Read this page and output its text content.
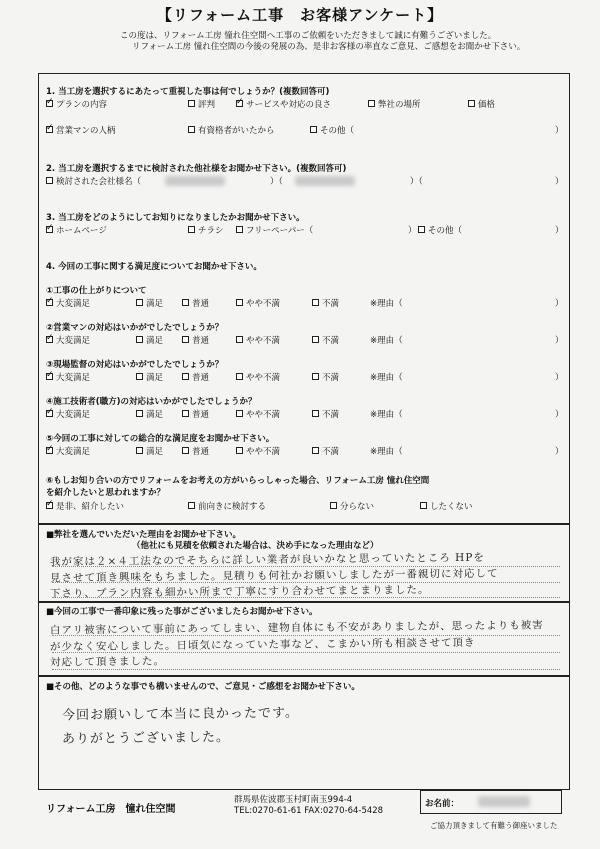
【リフォーム工事　お客様アンケート】
この度は、リフォーム工房 憧れ住空間へ工事のご依頼をいただきまして誠に有難うございました。
リフォーム工房 憧れ住空間の今後の発展の為、是非お客様の率直なご意見、ご感想をお聞かせ下さい。
1. 当工房を選択するにあたって重視した事は何でしょうか？(複数回答可)
✓
プランの内容	評判
✓	サービスや対応の良さ	弊社の場所	価格
✓
営業マンの人柄	有資格者がいたから	その他（	）
2. 当工房を選択するまでに検討された他社様をお聞かせ下さい。(複数回答可)
検討された会社様名（	）（	）（	）
3. 当工房をどのようにしてお知りになりましたかお聞かせ下さい。
✓
ホームページ	チラシ	フリーペーパー（	） その他（	）
4. 今回の工事に関する満足度についてお聞かせ下さい。
①工事の仕上がりについて
✓
大変満足	満足	普通	やや不満	不満	※理由（	）
②営業マンの対応はいかがでしたでしょうか？
✓
大変満足	満足	普通	やや不満	不満	※理由（	）
③現場監督の対応はいかがでしたでしょうか？
✓
大変満足	満足	普通	やや不満	不満	※理由（	）
④施工技術者(職方)の対応はいかがでしたでしょうか？
✓
大変満足	満足	普通	やや不満	不満	※理由（	）
⑤今回の工事に対しての総合的な満足度をお聞かせ下さい。
✓
大変満足	満足	普通	やや不満	不満	※理由（	）
⑥もしお知り合いの方でリフォームをお考えの方がいらっしゃった場合、リフォーム工房 憧れ住空間
を紹介したいと思われますか？
✓
是非、紹介したい	前向きに検討する	分らない	したくない
■弊社を選んでいただいた理由をお聞かせ下さい。
（他社にも見積を依頼された場合は、決め手になった理由など）
我が家は２×４工法なのでそちらに詳しい業者が良いかなと思っていたところ HPを
見させて頂き興味をもちました。見積りも何社かお願いしましたが一番親切に対応して
下さり、プラン内容も細かい所まで丁寧にすり合わせてまとまりました。
■今回の工事で一番印象に残った事がございましたらお聞かせ下さい。
白アリ被害について事前にあってしまい、建物自体にも不安がありましたが、思ったよりも被害
が少なく安心しました。日頃気になっていた事など、こまかい所も相談させて頂き
対応して頂きました。
■その他、どのような事でも構いませんので、ご意見・ご感想をお聞かせ下さい。
今回お願いして本当に良かったです。
ありがとうございました。
リフォーム工房　憧れ住空間
群馬県佐波郡玉村町南玉994-4
TEL:0270-61-61 FAX:0270-64-5428
お名前：
ご協力頂きまして有難う御座いました
